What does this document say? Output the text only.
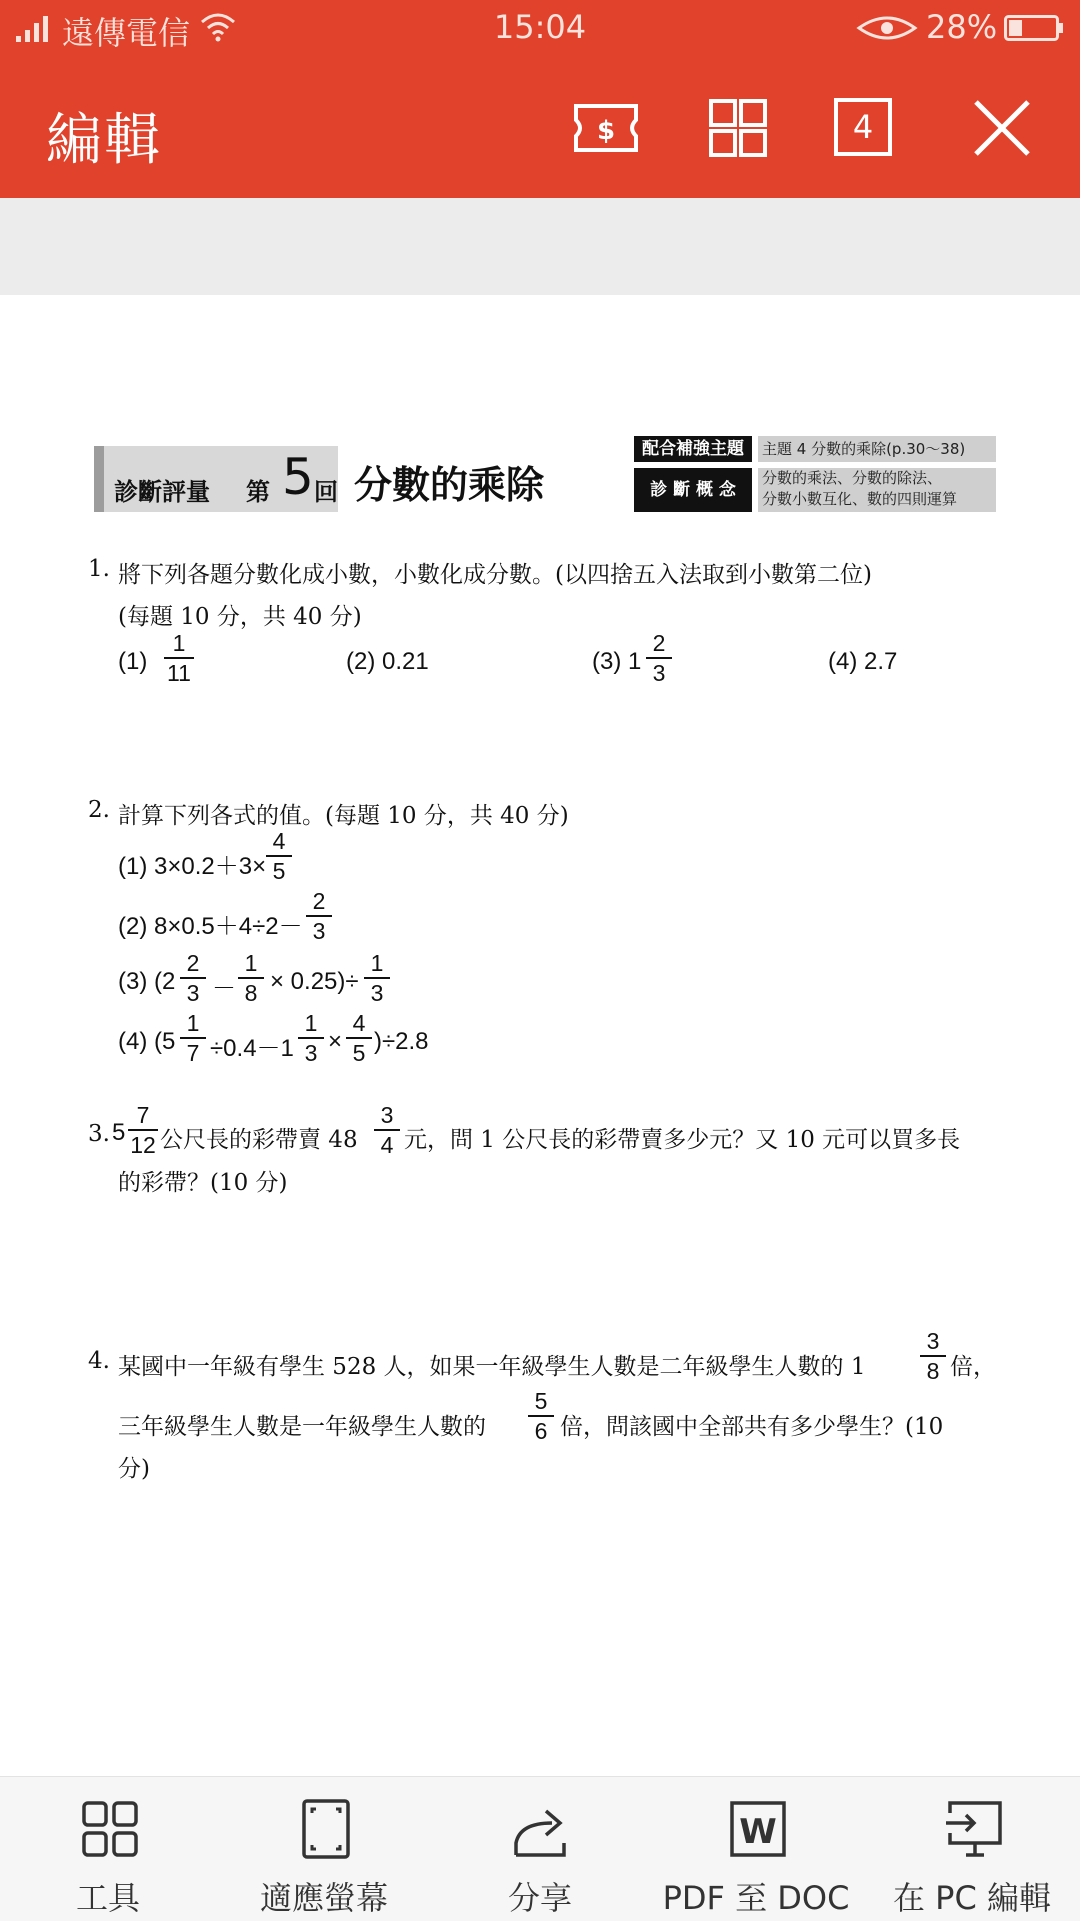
遠傳電信	15:04	28%
編輯	$	4
診斷評量 第 5 回 分數的乘除
配合補強主題	主題 4 分數的乘除(p.30～38)
診 斷 概 念
分數的乘法、分數的除法、
分數小數互化、數的四則運算
1. 將下列各題分數化成小數，小數化成分數。(以四捨五入法取到小數第二位)
(每題 10 分，共 40 分)
(1)
1
11	(2) 0.21	(3) 1
2
3	(4) 2.7
2. 計算下列各式的值。(每題 10 分，共 40 分)
(1) 3×0.2＋3×
4
5
(2) 8×0.5＋4÷2－
2
3
(3) (2
2
3 －
1
8 × 0.25)÷
1
3
(4) (5
1
7 ÷0.4－1
1
3 ×
4
5 )÷2.8
3. 5
7
12 公尺長的彩帶賣 48
3
4 元，問 1 公尺長的彩帶賣多少元？又 10 元可以買多長
的彩帶？(10 分)
4. 某國中一年級有學生 528 人，如果一年級學生人數是二年級學生人數的 1
3
8 倍，
三年級學生人數是一年級學生人數的
5
6 倍，問該國中全部共有多少學生？(10
分)
工具	適應螢幕	分享
W
PDF 至 DOC	在 PC 編輯
